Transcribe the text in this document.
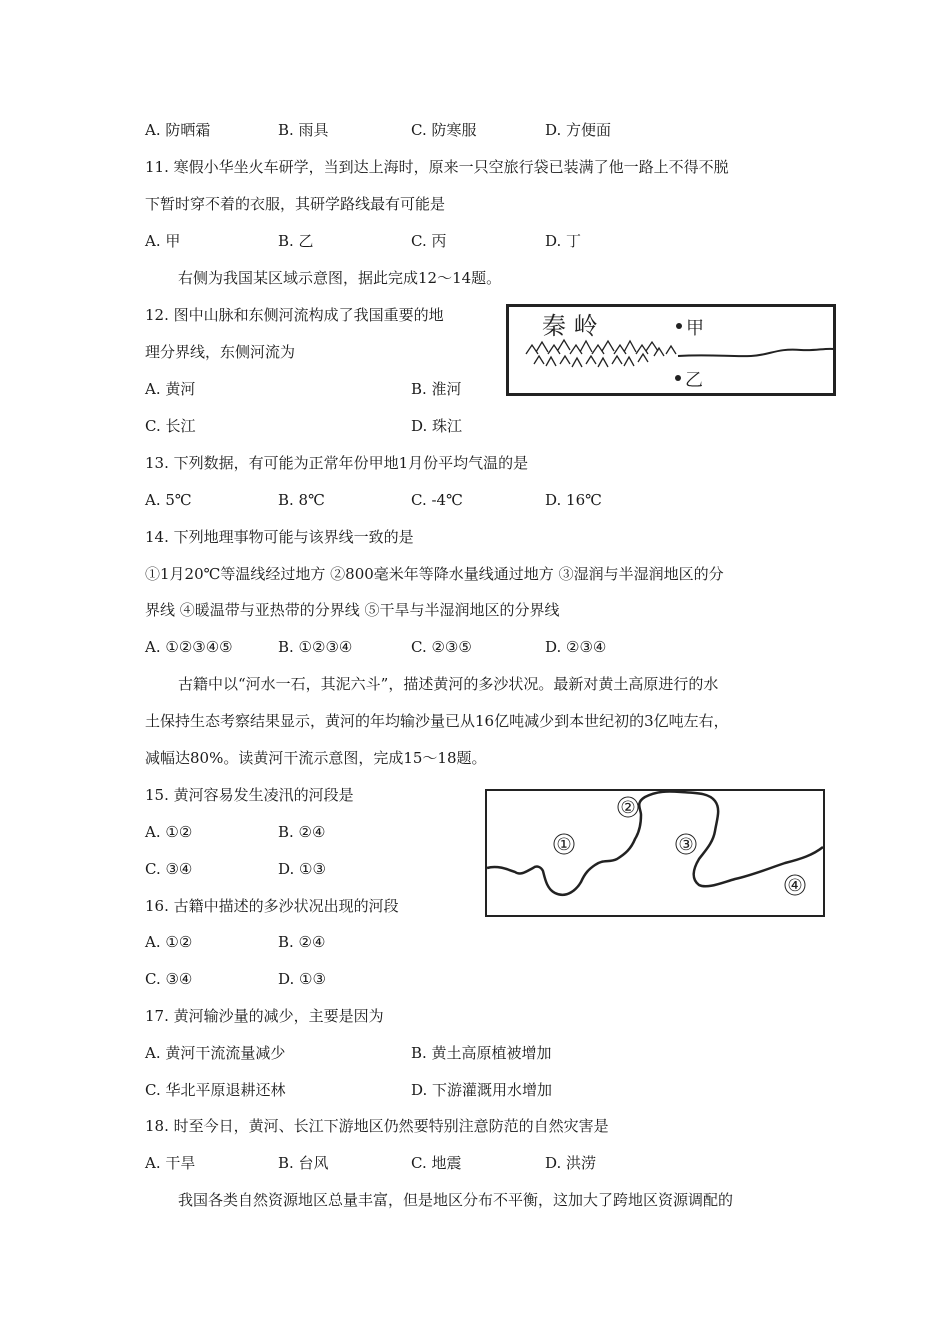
A. 防晒霜	B. 雨具	C. 防寒服	D. 方便面
11. 寒假小华坐火车研学，当到达上海时，原来一只空旅行袋已装满了他一路上不得不脱
下暂时穿不着的衣服，其研学路线最有可能是
A. 甲	B. 乙	C. 丙	D. 丁
右侧为我国某区域示意图，据此完成12～14题。
12. 图中山脉和东侧河流构成了我国重要的地
理分界线，东侧河流为
A. 黄河	B. 淮河
C. 长江	D. 珠江
秦 岭	甲
乙
13. 下列数据，有可能为正常年份甲地1月份平均气温的是
A. 5℃	B. 8℃	C. -4℃	D. 16℃
14. 下列地理事物可能与该界线一致的是
①1月20℃等温线经过地方 ②800毫米年等降水量线通过地方 ③湿润与半湿润地区的分
界线 ④暖温带与亚热带的分界线 ⑤干旱与半湿润地区的分界线
A. ①②③④⑤	B. ①②③④	C. ②③⑤	D. ②③④
古籍中以“河水一石，其泥六斗”，描述黄河的多沙状况。最新对黄土高原进行的水
土保持生态考察结果显示，黄河的年均输沙量已从16亿吨减少到本世纪初的3亿吨左右，
减幅达80%。读黄河干流示意图，完成15～18题。
15. 黄河容易发生凌汛的河段是
A. ①②	B. ②④
C. ③④	D. ①③
①
②
③
④
16. 古籍中描述的多沙状况出现的河段
A. ①②	B. ②④
C. ③④	D. ①③
17. 黄河输沙量的减少，主要是因为
A. 黄河干流流量减少	B. 黄土高原植被增加
C. 华北平原退耕还林	D. 下游灌溉用水增加
18. 时至今日，黄河、长江下游地区仍然要特别注意防范的自然灾害是
A. 干旱	B. 台风	C. 地震	D. 洪涝
我国各类自然资源地区总量丰富，但是地区分布不平衡，这加大了跨地区资源调配的
